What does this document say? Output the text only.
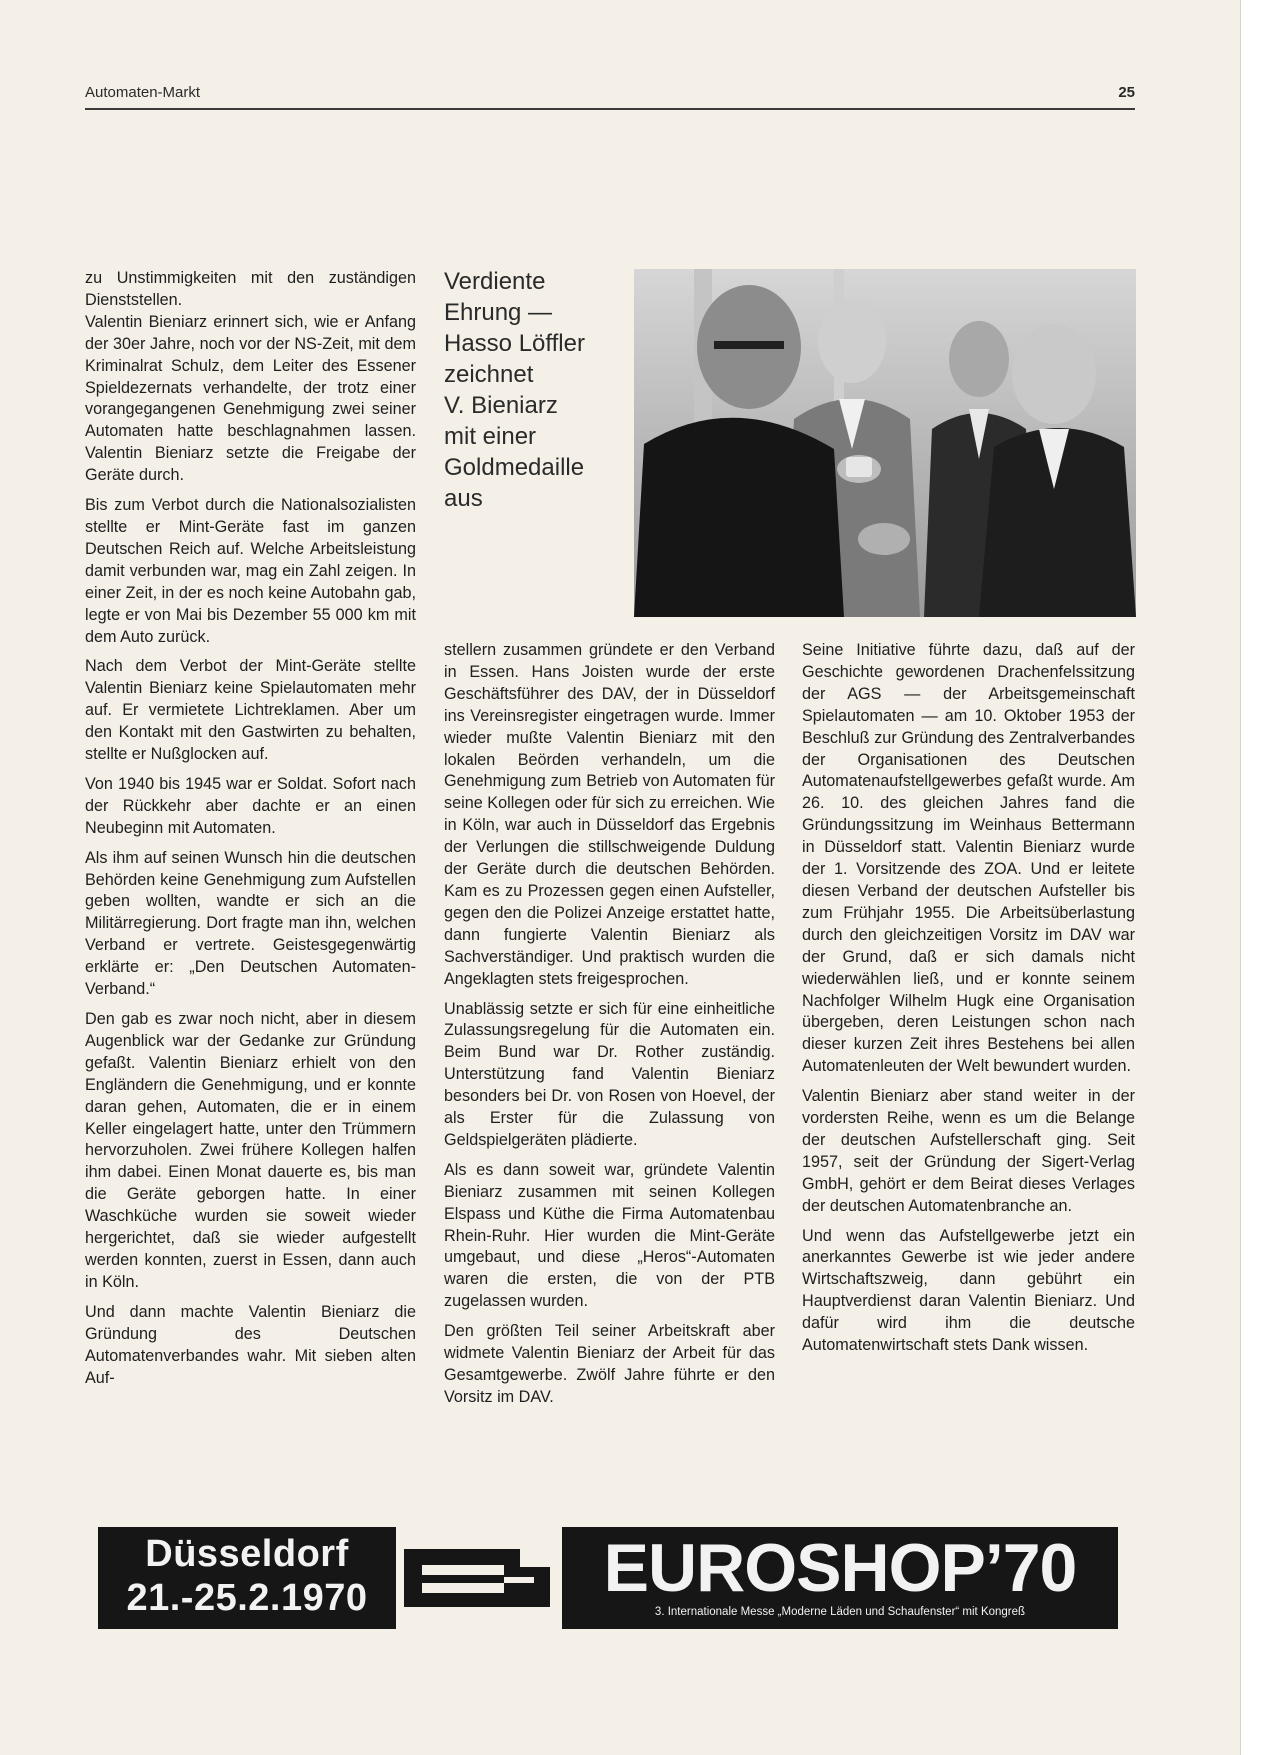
Automaten-Markt	25

zu Unstimmigkeiten mit den zuständigen Dienststellen.
Valentin Bieniarz erinnert sich, wie er Anfang der 30er Jahre, noch vor der NS-Zeit, mit dem Kriminalrat Schulz, dem Leiter des Essener Spieldezernats verhandelte, der trotz einer vorangegangenen Genehmigung zwei seiner Automaten hatte beschlagnahmen lassen. Valentin Bieniarz setzte die Freigabe der Geräte durch.

Bis zum Verbot durch die Nationalsozialisten stellte er Mint-Geräte fast im ganzen Deutschen Reich auf. Welche Arbeitsleistung damit verbunden war, mag ein Zahl zeigen. In einer Zeit, in der es noch keine Autobahn gab, legte er von Mai bis Dezember 55 000 km mit dem Auto zurück.

Nach dem Verbot der Mint-Geräte stellte Valentin Bieniarz keine Spielautomaten mehr auf. Er vermietete Lichtreklamen. Aber um den Kontakt mit den Gastwirten zu behalten, stellte er Nußglocken auf.

Von 1940 bis 1945 war er Soldat. Sofort nach der Rückkehr aber dachte er an einen Neubeginn mit Automaten.

Als ihm auf seinen Wunsch hin die deutschen Behörden keine Genehmigung zum Aufstellen geben wollten, wandte er sich an die Militärregierung. Dort fragte man ihn, welchen Verband er vertrete. Geistesgegenwärtig erklärte er: „Den Deutschen Automaten-Verband.“

Den gab es zwar noch nicht, aber in diesem Augenblick war der Gedanke zur Gründung gefaßt. Valentin Bieniarz erhielt von den Engländern die Genehmigung, und er konnte daran gehen, Automaten, die er in einem Keller eingelagert hatte, unter den Trümmern hervorzuholen. Zwei frühere Kollegen halfen ihm dabei. Einen Monat dauerte es, bis man die Geräte geborgen hatte. In einer Waschküche wurden sie soweit wieder hergerichtet, daß sie wieder aufgestellt werden konnten, zuerst in Essen, dann auch in Köln.

Und dann machte Valentin Bieniarz die Gründung des Deutschen Automatenverbandes wahr. Mit sieben alten Auf-

Verdiente
Ehrung —
Hasso Löffler
zeichnet
V. Bieniarz
mit einer
Goldmedaille
aus

stellern zusammen gründete er den Verband in Essen. Hans Joisten wurde der erste Geschäftsführer des DAV, der in Düsseldorf ins Vereinsregister eingetragen wurde. Immer wieder mußte Valentin Bieniarz mit den lokalen Beörden verhandeln, um die Genehmigung zum Betrieb von Automaten für seine Kollegen oder für sich zu erreichen. Wie in Köln, war auch in Düsseldorf das Ergebnis der Verlungen die stillschweigende Duldung der Geräte durch die deutschen Behörden. Kam es zu Prozessen gegen einen Aufsteller, gegen den die Polizei Anzeige erstattet hatte, dann fungierte Valentin Bieniarz als Sachverständiger. Und praktisch wurden die Angeklagten stets freigesprochen.

Unablässig setzte er sich für eine einheitliche Zulassungsregelung für die Automaten ein. Beim Bund war Dr. Rother zuständig. Unterstützung fand Valentin Bieniarz besonders bei Dr. von Rosen von Hoevel, der als Erster für die Zulassung von Geldspielgeräten plädierte.

Als es dann soweit war, gründete Valentin Bieniarz zusammen mit seinen Kollegen Elspass und Küthe die Firma Automatenbau Rhein-Ruhr. Hier wurden die Mint-Geräte umgebaut, und diese „Heros“-Automaten waren die ersten, die von der PTB zugelassen wurden.

Den größten Teil seiner Arbeitskraft aber widmete Valentin Bieniarz der Arbeit für das Gesamtgewerbe. Zwölf Jahre führte er den Vorsitz im DAV.

Seine Initiative führte dazu, daß auf der Geschichte gewordenen Drachenfelssitzung der AGS — der Arbeitsgemeinschaft Spielautomaten — am 10. Oktober 1953 der Beschluß zur Gründung des Zentralverbandes der Organisationen des Deutschen Automatenaufstellgewerbes gefaßt wurde. Am 26. 10. des gleichen Jahres fand die Gründungssitzung im Weinhaus Bettermann in Düsseldorf statt. Valentin Bieniarz wurde der 1. Vorsitzende des ZOA. Und er leitete diesen Verband der deutschen Aufsteller bis zum Frühjahr 1955. Die Arbeitsüberlastung durch den gleichzeitigen Vorsitz im DAV war der Grund, daß er sich damals nicht wiederwählen ließ, und er konnte seinem Nachfolger Wilhelm Hugk eine Organisation übergeben, deren Leistungen schon nach dieser kurzen Zeit ihres Bestehens bei allen Automatenleuten der Welt bewundert wurden.

Valentin Bieniarz aber stand weiter in der vordersten Reihe, wenn es um die Belange der deutschen Aufstellerschaft ging. Seit 1957, seit der Gründung der Sigert-Verlag GmbH, gehört er dem Beirat dieses Verlages der deutschen Automatenbranche an.

Und wenn das Aufstellgewerbe jetzt ein anerkanntes Gewerbe ist wie jeder andere Wirtschaftszweig, dann gebührt ein Hauptverdienst daran Valentin Bieniarz. Und dafür wird ihm die deutsche Automatenwirtschaft stets Dank wissen.

Düsseldorf
21.-25.2.1970	EUROSHOP’70
3. Internationale Messe „Moderne Läden und Schaufenster“ mit Kongreß
